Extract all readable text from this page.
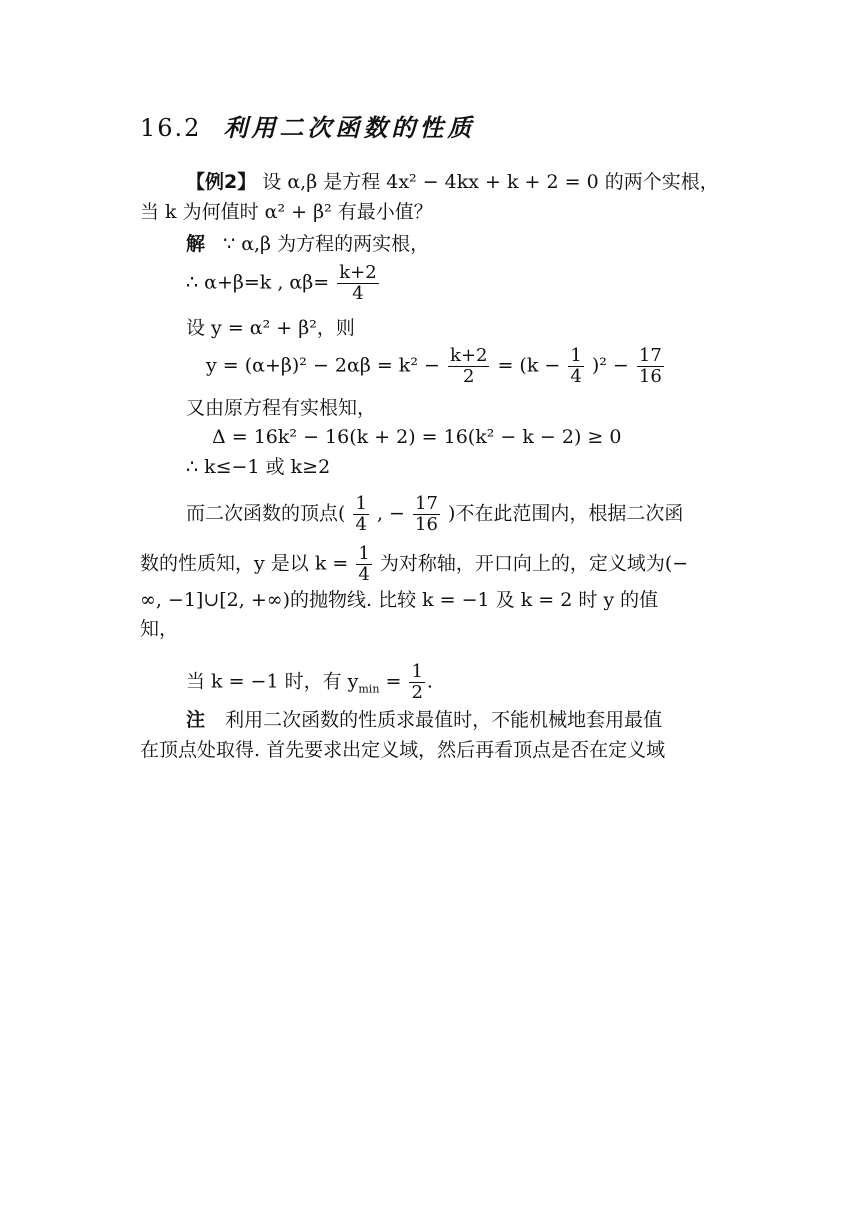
16.2 利用二次函数的性质
【例2】 设 α,β 是方程 4x² − 4kx + k + 2 = 0 的两个实根，
当 k 为何值时 α² + β² 有最小值？
解 ∵ α,β 为方程的两实根，
∴ α+β=k , $\alpha\beta= \frac{k+2}{4}$
设 y = α² + β²，则
$y = (\alpha+\beta)^2 - 2\alpha\beta = k^2 - \frac{k+2}{2} = (k - \frac{1}{4} )^2 - \frac{17}{16}$
又由原方程有实根知，
Δ = 16k² − 16(k + 2) = 16(k² − k − 2) ≥ 0
∴ k≤−1 或 k≥2
而二次函数的顶点( $\frac{1}{4}$ , − $\frac{17}{16}$ )不在此范围内，根据二次函
数的性质知，y 是以 $k = \frac{1}{4}$ 为对称轴，开口向上的，定义域为(−
∞, −1]∪[2, +∞)的抛物线. 比较 k = −1 及 k = 2 时 y 的值
知，
当 k = −1 时，有 $y_{min} = \frac{1}{2}$ .
注 利用二次函数的性质求最值时，不能机械地套用最值
在顶点处取得. 首先要求出定义域，然后再看顶点是否在定义域
